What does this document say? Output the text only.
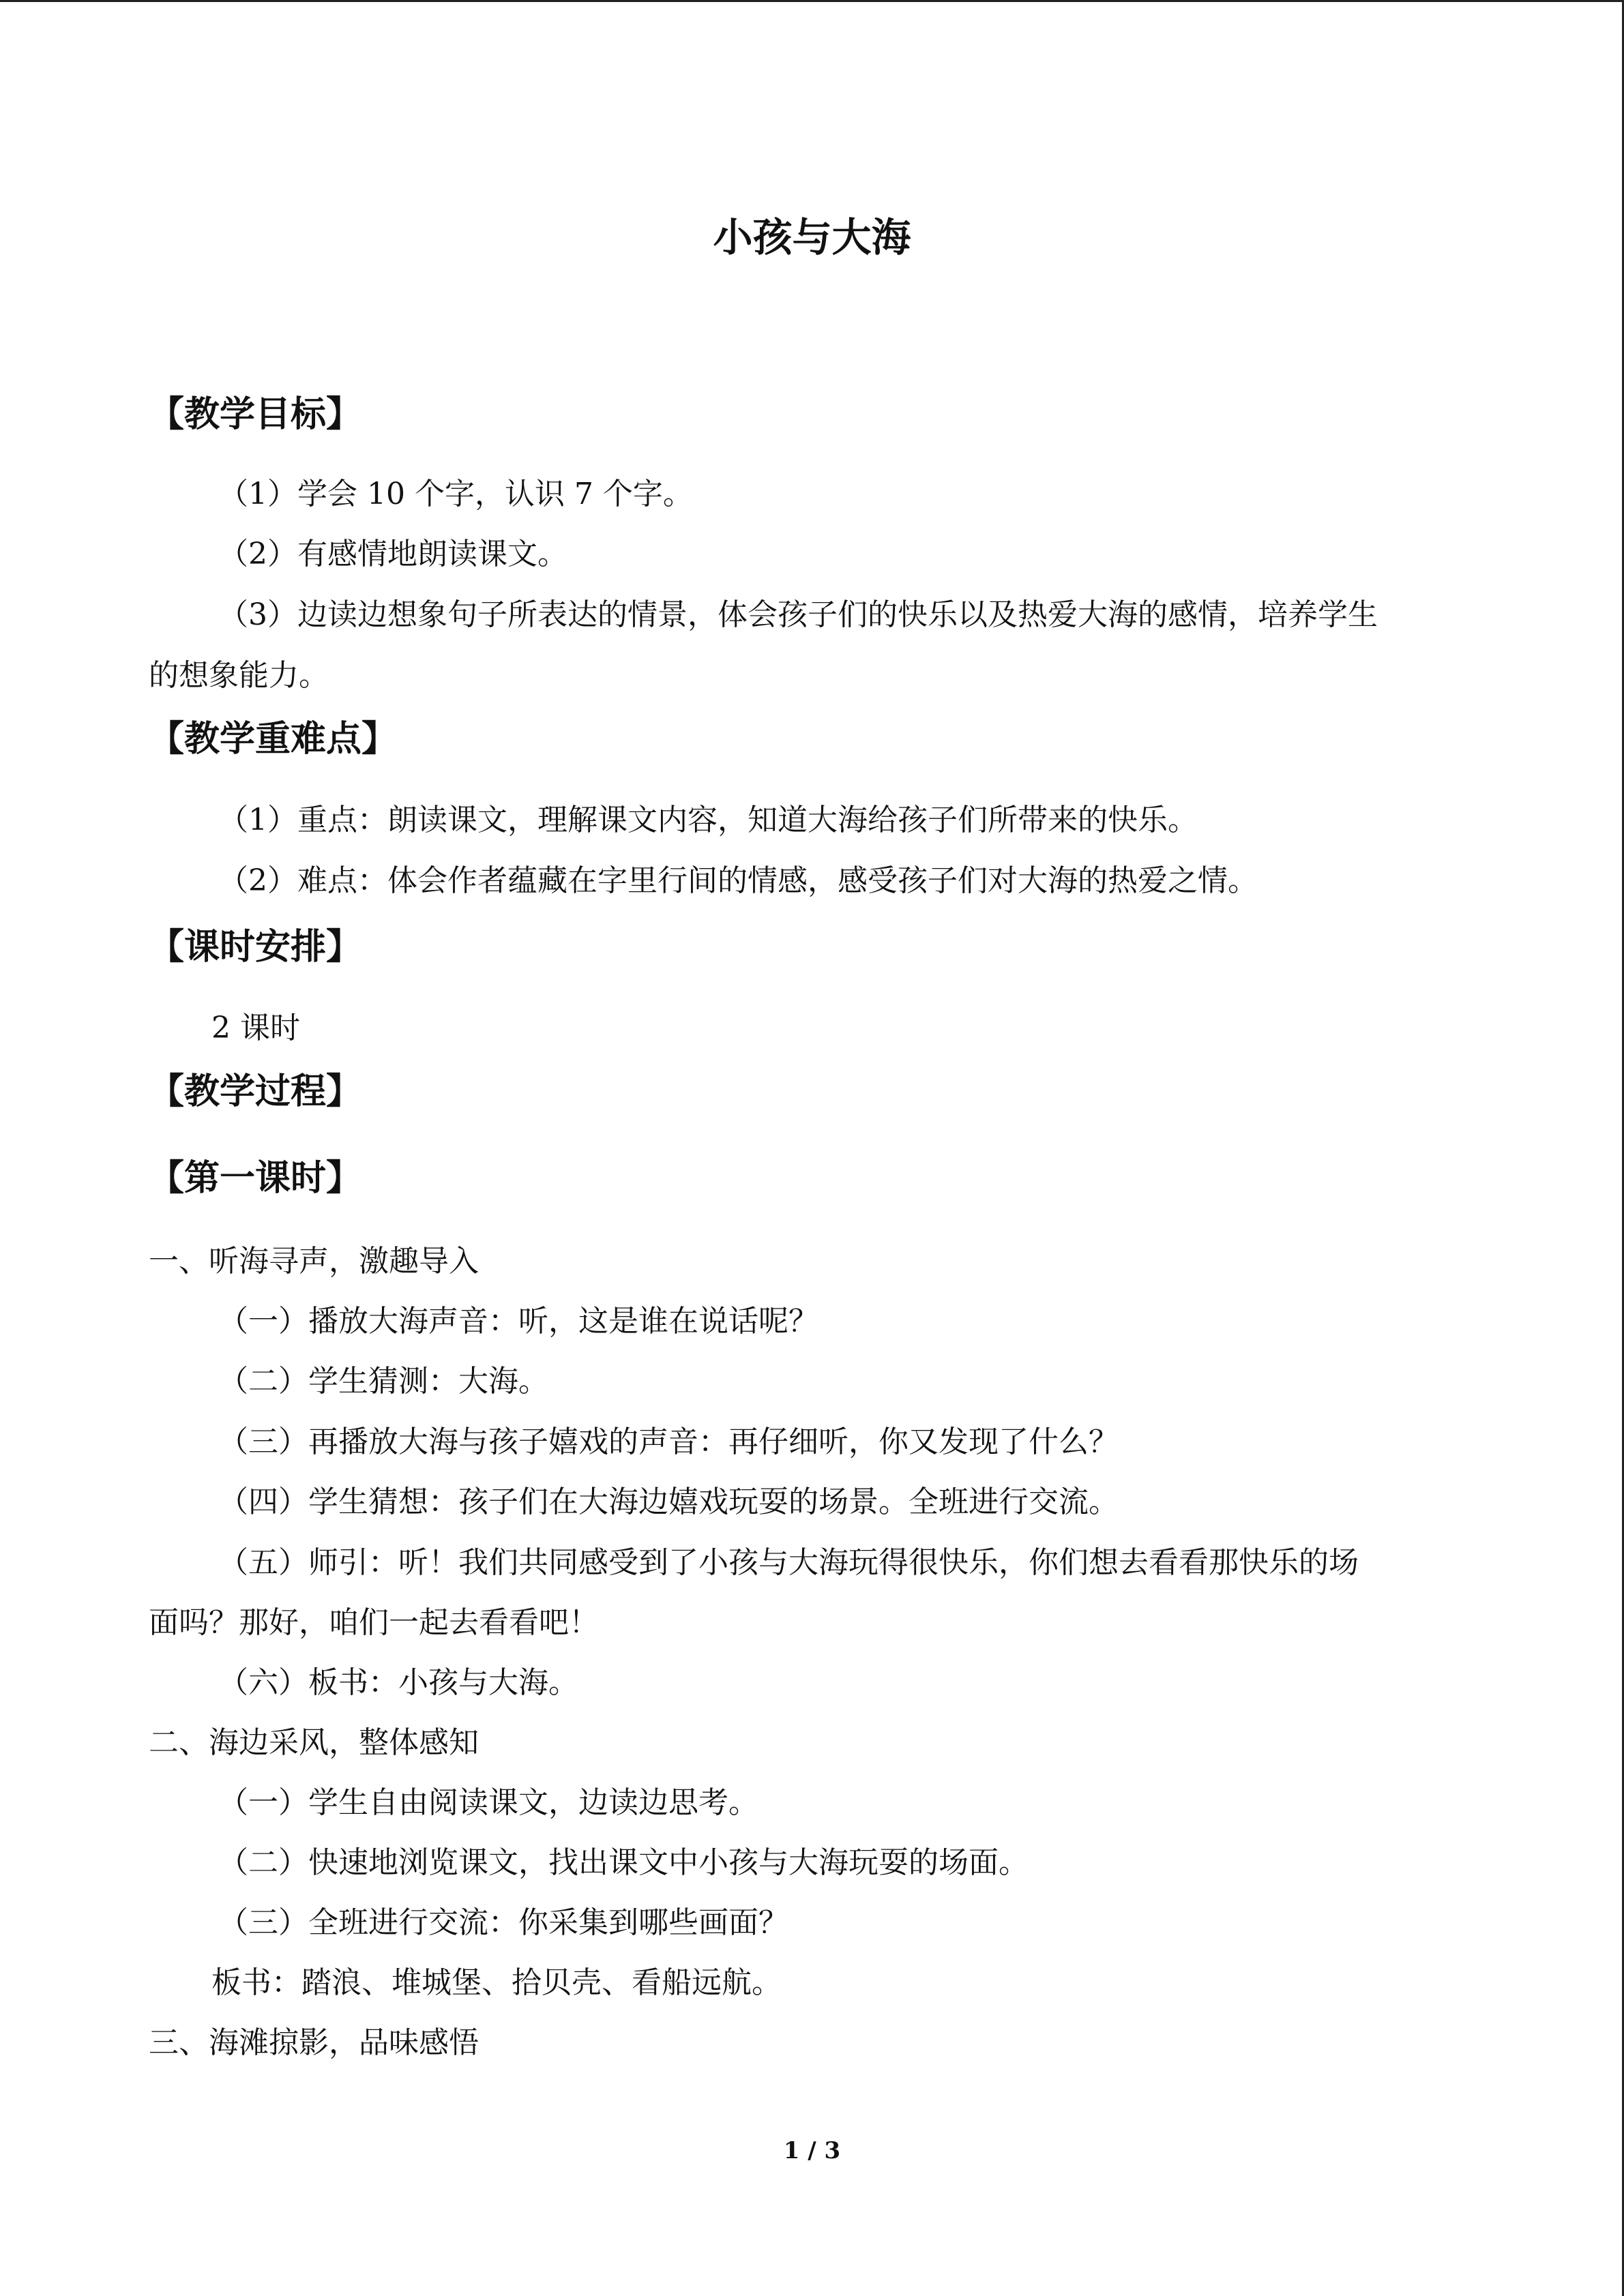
小孩与大海
【教学目标】
（1）学会 10 个字，认识 7 个字。
（2）有感情地朗读课文。
（3）边读边想象句子所表达的情景，体会孩子们的快乐以及热爱大海的感情，培养学生
的想象能力。
【教学重难点】
（1）重点：朗读课文，理解课文内容，知道大海给孩子们所带来的快乐。
（2）难点：体会作者蕴藏在字里行间的情感，感受孩子们对大海的热爱之情。
【课时安排】
2 课时
【教学过程】
【第一课时】
一、听海寻声，激趣导入
（一）播放大海声音：听，这是谁在说话呢？
（二）学生猜测：大海。
（三）再播放大海与孩子嬉戏的声音：再仔细听，你又发现了什么？
（四）学生猜想：孩子们在大海边嬉戏玩耍的场景。全班进行交流。
（五）师引：听！我们共同感受到了小孩与大海玩得很快乐，你们想去看看那快乐的场
面吗？那好，咱们一起去看看吧！
（六）板书：小孩与大海。
二、海边采风，整体感知
（一）学生自由阅读课文，边读边思考。
（二）快速地浏览课文，找出课文中小孩与大海玩耍的场面。
（三）全班进行交流：你采集到哪些画面？
板书：踏浪、堆城堡、拾贝壳、看船远航。
三、海滩掠影，品味感悟
1 / 3
